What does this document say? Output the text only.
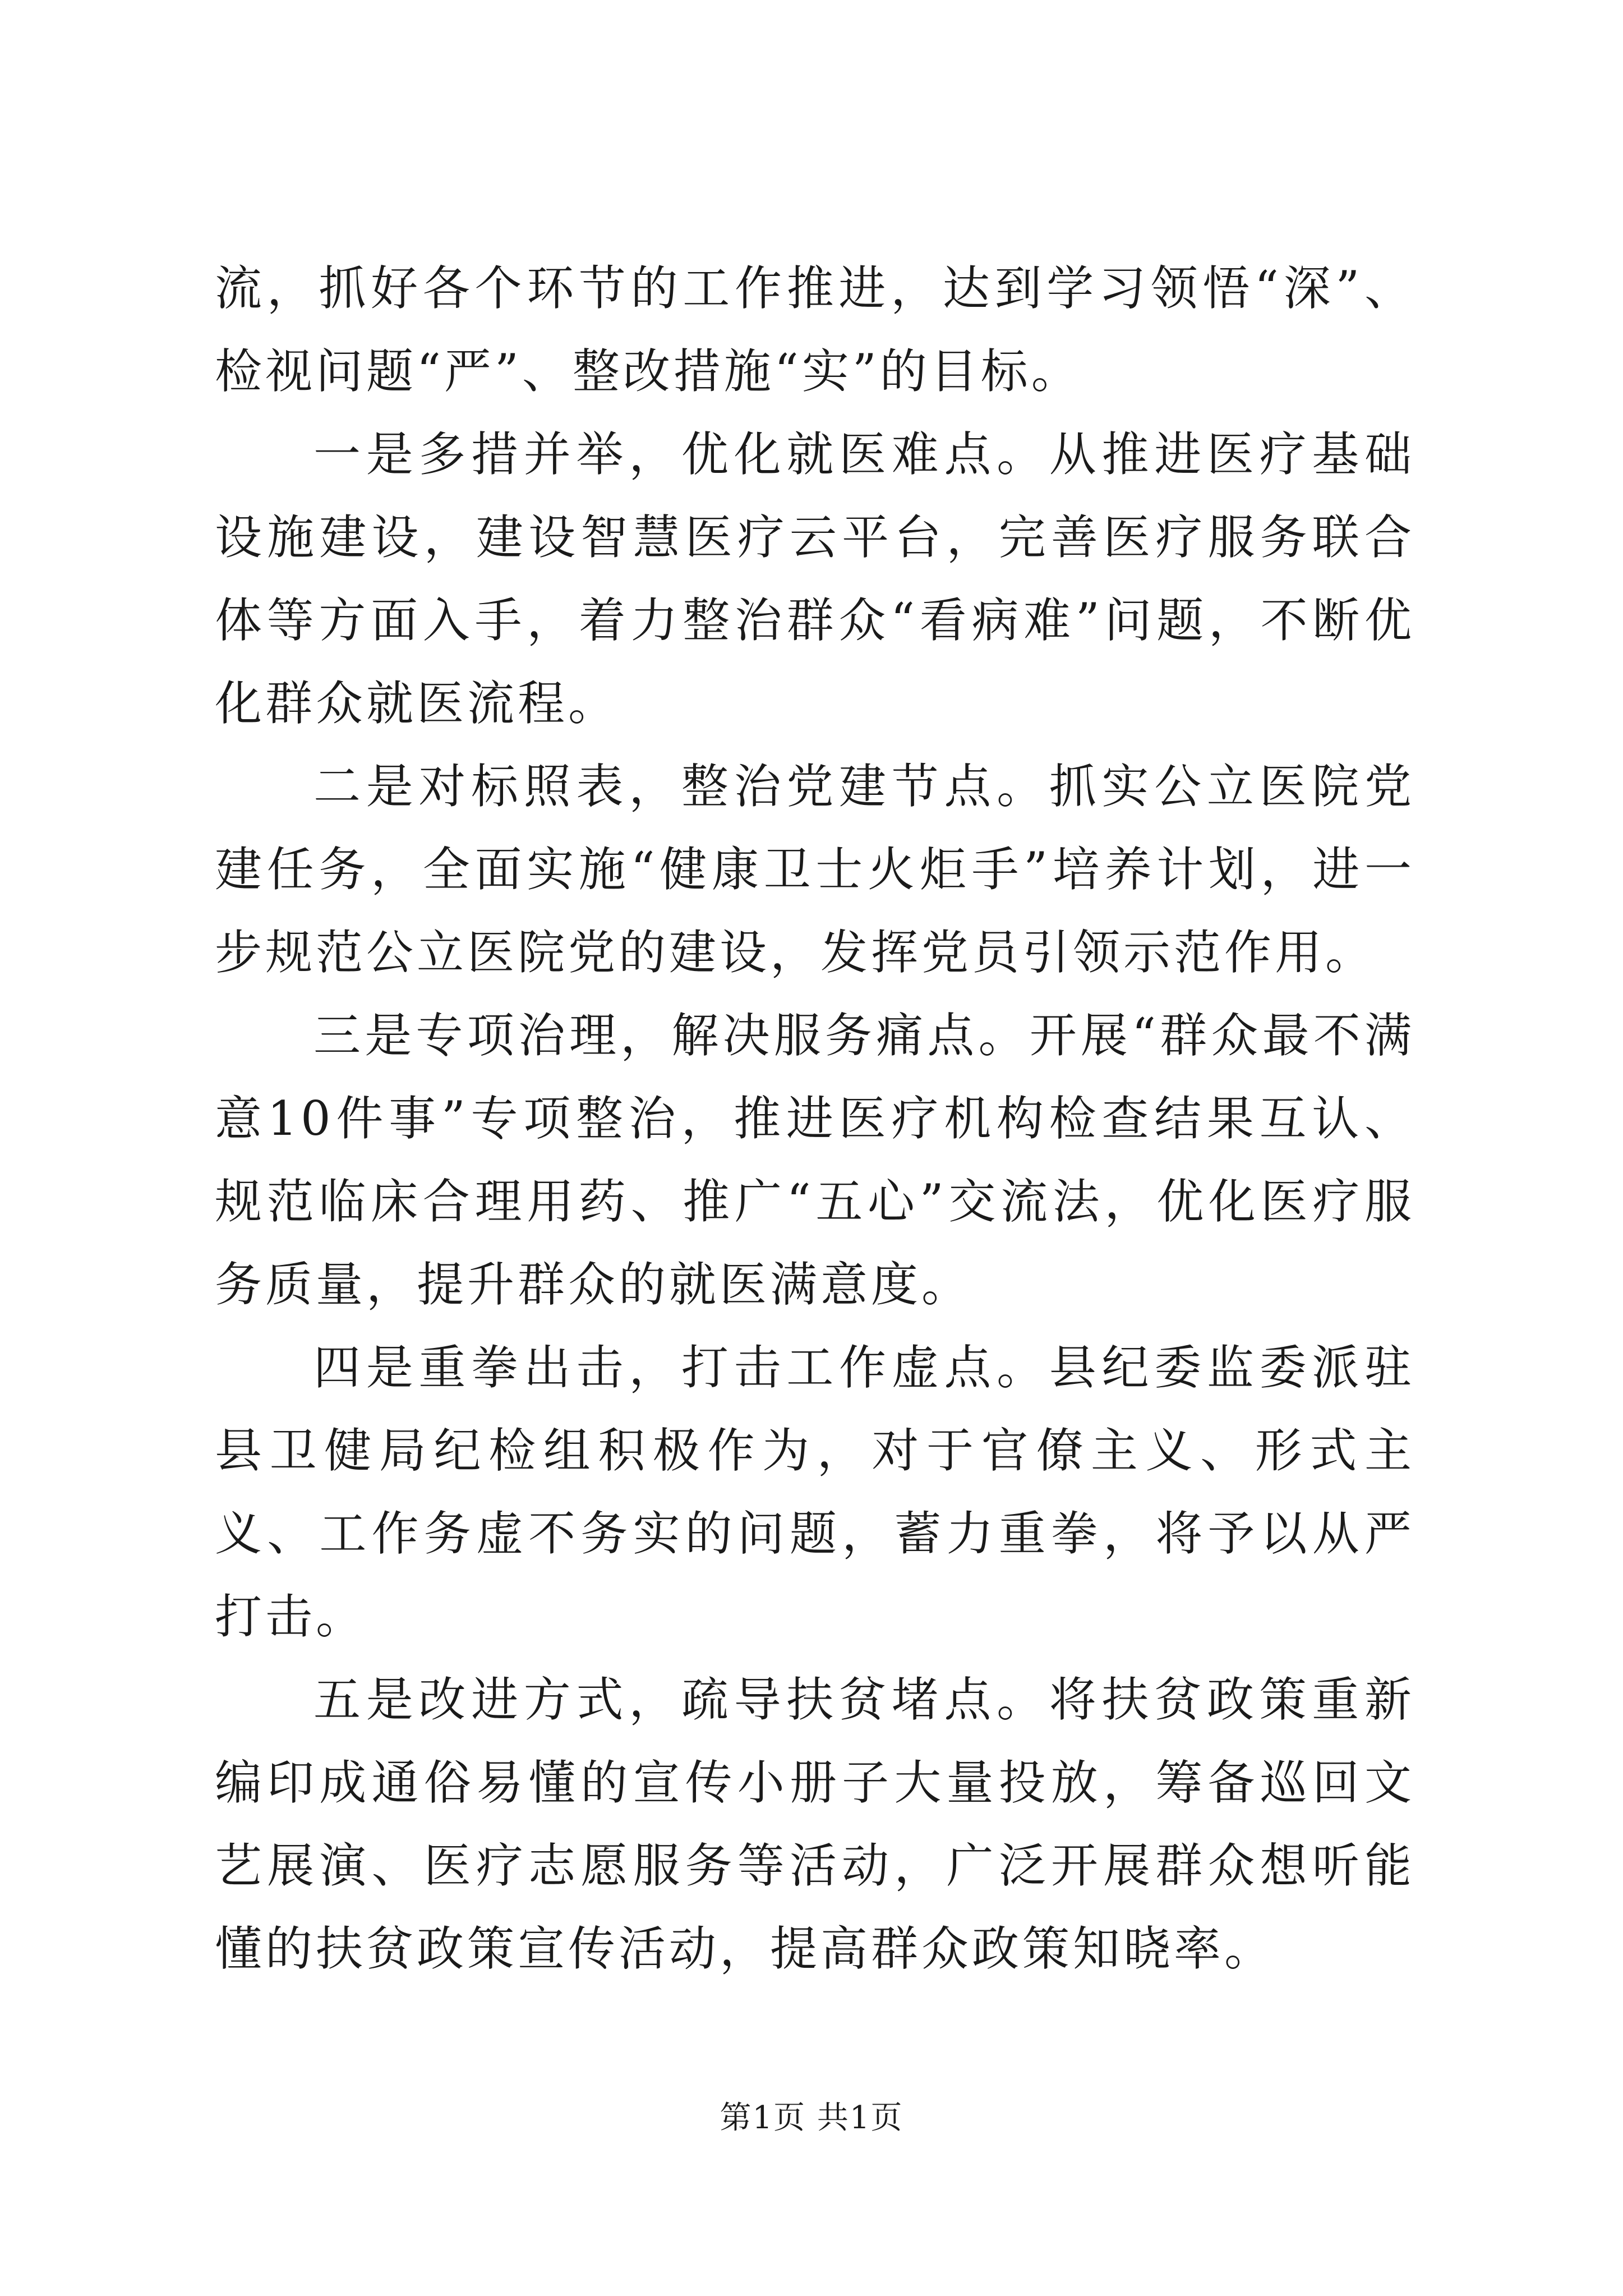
流，抓好各个环节的工作推进，达到学习领悟“深”、检视问题“严”、整改措施“实”的目标。

一是多措并举，优化就医难点。从推进医疗基础设施建设，建设智慧医疗云平台，完善医疗服务联合体等方面入手，着力整治群众“看病难”问题，不断优化群众就医流程。

二是对标照表，整治党建节点。抓实公立医院党建任务，全面实施“健康卫士火炬手”培养计划，进一步规范公立医院党的建设，发挥党员引领示范作用。

三是专项治理，解决服务痛点。开展“群众最不满意10件事”专项整治，推进医疗机构检查结果互认、规范临床合理用药、推广“五心”交流法，优化医疗服务质量，提升群众的就医满意度。

四是重拳出击，打击工作虚点。县纪委监委派驻县卫健局纪检组积极作为，对于官僚主义、形式主义、工作务虚不务实的问题，蓄力重拳，将予以从严打击。

五是改进方式，疏导扶贫堵点。将扶贫政策重新编印成通俗易懂的宣传小册子大量投放，筹备巡回文艺展演、医疗志愿服务等活动，广泛开展群众想听能懂的扶贫政策宣传活动，提高群众政策知晓率。

第1页 共1页
